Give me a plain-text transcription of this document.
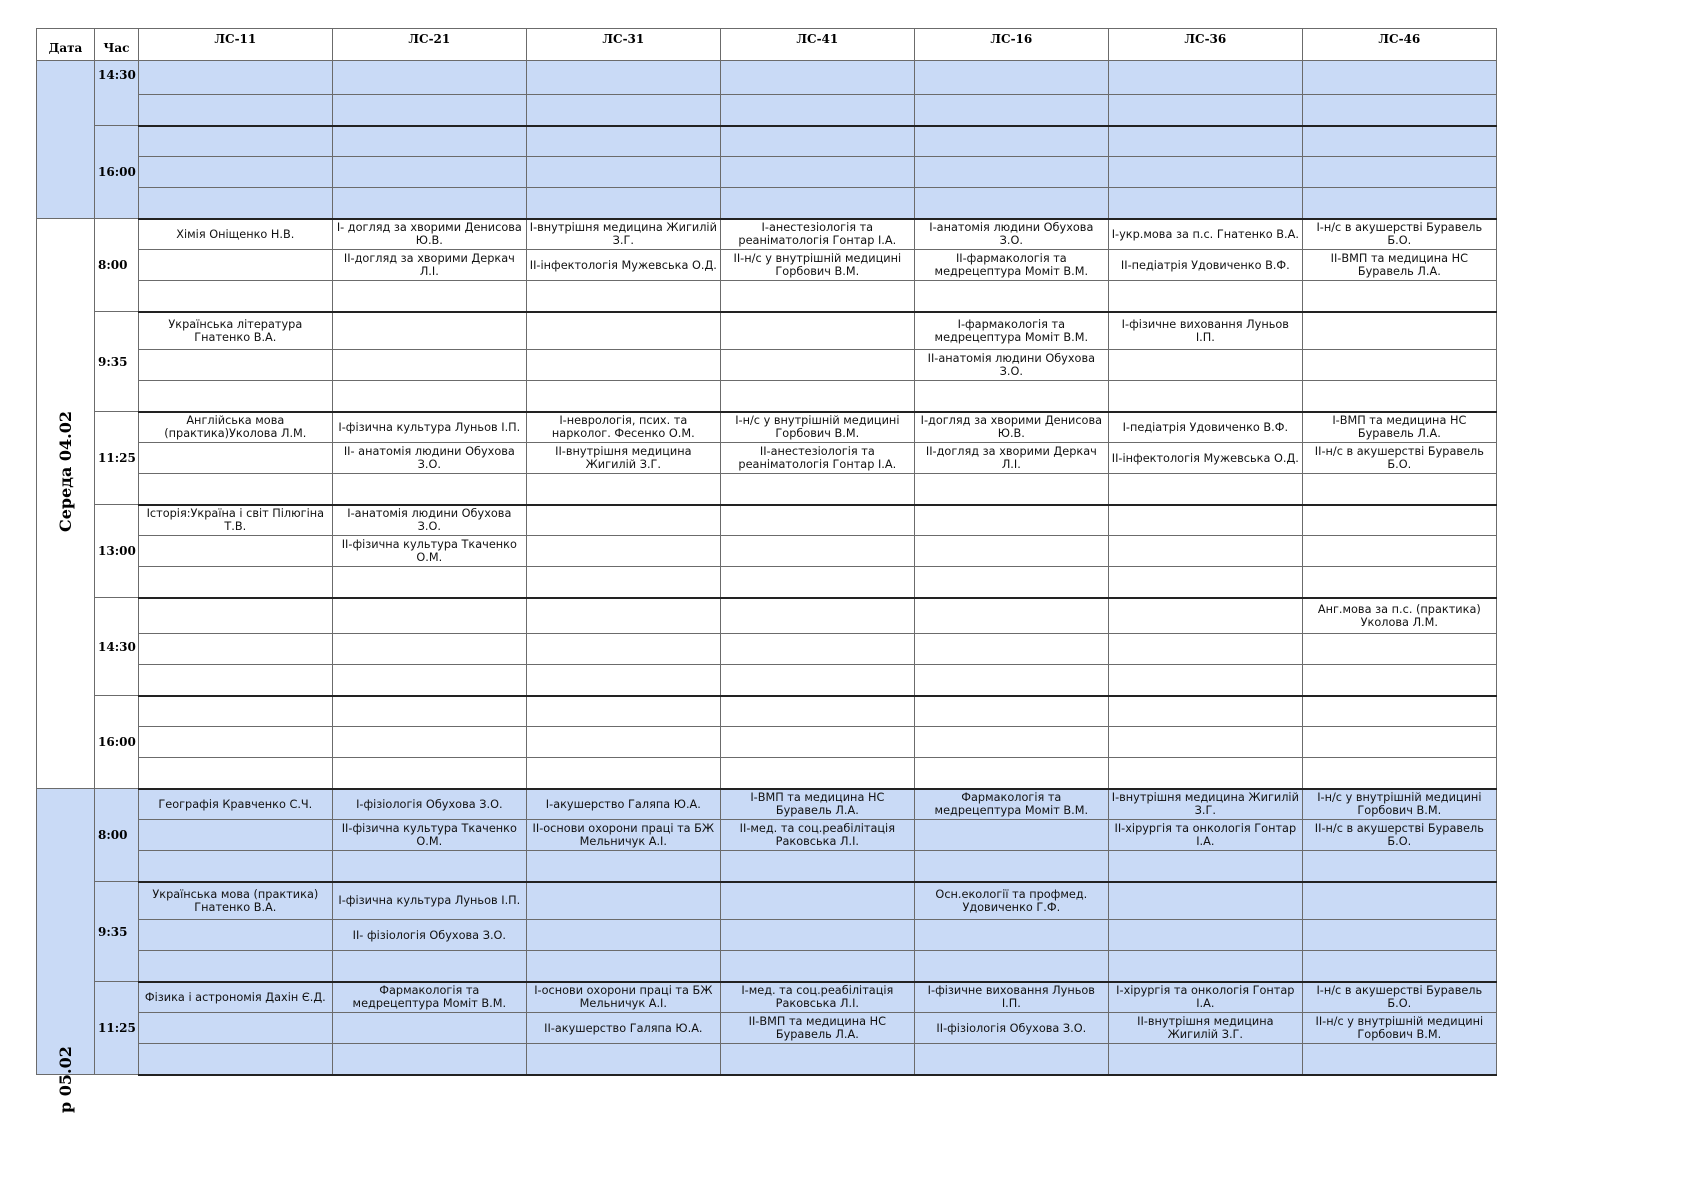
Дата	Час	ЛС-11	ЛС-21	ЛС-31	ЛС-41	ЛС-16	ЛС-36	ЛС-46

	14:30							

	16:00							

Середа 04.02	8:00	Хімія Оніщенко Н.В.	I- догляд за хворими Денисова Ю.В.	I-внутрішня медицина Жигилій З.Г.	I-анестезіологія та реаніматологія Гонтар І.А.	I-анатомія людини Обухова З.О.	I-укр.мова за п.с. Гнатенко В.А.	I-н/с в акушерстві Буравель Б.О.
			II-догляд за хворими Деркач Л.І.	II-інфектологія Мужевська О.Д.	II-н/с у внутрішній медицині Горбович В.М.	II-фармакологія та медрецептура Моміт В.М.	II-педіатрія Удовиченко В.Ф.	II-ВМП та медицина НС Буравель Л.А.

	9:35	Українська література Гнатенко В.А.				I-фармакологія та медрецептура Моміт В.М.	I-фізичне виховання Луньов І.П.	
						II-анатомія людини Обухова З.О.		

	11:25	Англійська мова (практика)Уколова Л.М.	I-фізична культура Луньов І.П.	I-неврологія, псих. та нарколог. Фесенко О.М.	I-н/с у внутрішній медицині Горбович В.М.	I-догляд за хворими Денисова Ю.В.	I-педіатрія Удовиченко В.Ф.	I-ВМП та медицина НС Буравель Л.А.
			II- анатомія людини Обухова З.О.	II-внутрішня медицина Жигилій З.Г.	II-анестезіологія та реаніматологія Гонтар І.А.	II-догляд за хворими Деркач Л.І.	II-інфектологія Мужевська О.Д.	II-н/с в акушерстві Буравель Б.О.

	13:00	Історія:Україна і світ Пілюгіна Т.В.	I-анатомія людини Обухова З.О.					
			II-фізична культура Ткаченко О.М.					

	14:30							Анг.мова за п.с. (практика) Уколова Л.М.

	16:00							

р 05.02	8:00	Географія Кравченко С.Ч.	I-фізіологія Обухова З.О.	I-акушерство Галяпа Ю.А.	I-ВМП та медицина НС Буравель Л.А.	Фармакологія та медрецептура Моміт В.М.	I-внутрішня медицина Жигилій З.Г.	I-н/с у внутрішній медицині Горбович В.М.
			II-фізична культура Ткаченко О.М.	II-основи охорони праці та БЖ Мельничук А.І.	II-мед. та соц.реабілітація Раковська Л.І.		II-хірургія та онкологія Гонтар І.А.	II-н/с в акушерстві Буравель Б.О.

	9:35	Українська мова (практика) Гнатенко В.А.	I-фізична культура Луньов І.П.			Осн.екології та профмед. Удовиченко Г.Ф.		
			II- фізіологія Обухова З.О.					

	11:25	Фізика і астрономія Дахін Є.Д.	Фармакологія та медрецептура Моміт В.М.	I-основи охорони праці та БЖ Мельничук А.І.	I-мед. та соц.реабілітація Раковська Л.І.	I-фізичне виховання Луньов І.П.	I-хірургія та онкологія Гонтар І.А.	I-н/с в акушерстві Буравель Б.О.
				II-акушерство Галяпа Ю.А.	II-ВМП та медицина НС Буравель Л.А.	II-фізіологія Обухова З.О.	II-внутрішня медицина Жигилій З.Г.	II-н/с у внутрішній медицині Горбович В.М.
